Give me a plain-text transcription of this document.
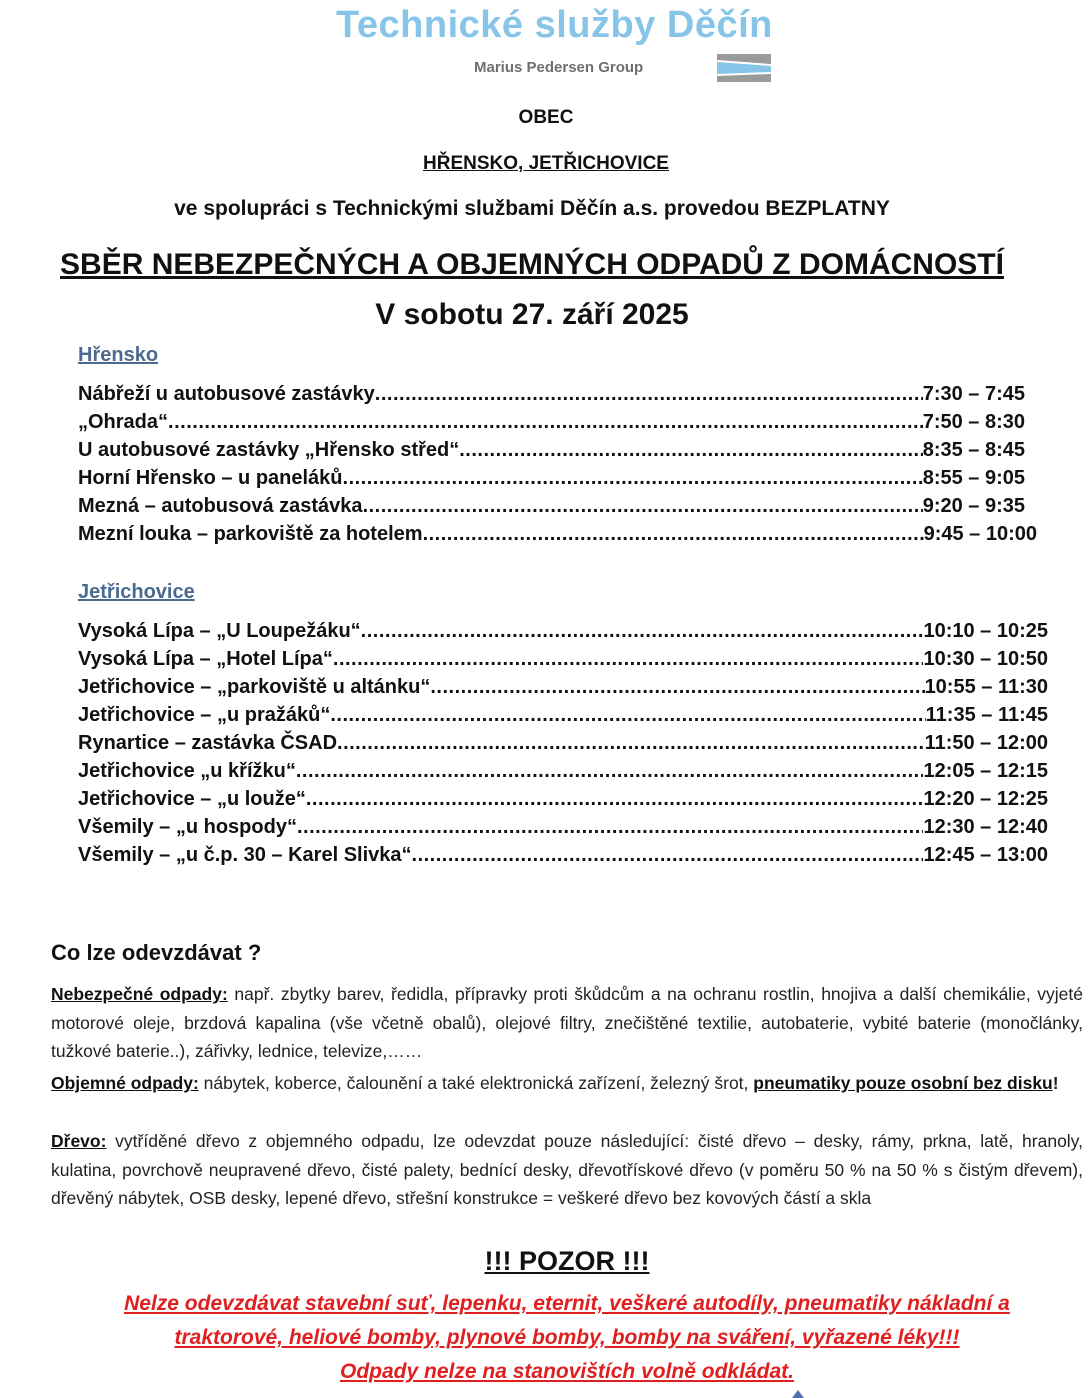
Technické služby Děčín
Marius Pedersen Group
OBEC
HŘENSKO, JETŘICHOVICE
ve spolupráci s Technickými službami Děčín a.s. provedou BEZPLATNY
SBĚR NEBEZPEČNÝCH A OBJEMNÝCH ODPADŮ Z DOMÁCNOSTÍ
V sobotu 27. září 2025
Hřensko
Nábřeží u autobusové zastávky .....	7:30 – 7:45
„Ohrada“ .....	7:50 – 8:30
U autobusové zastávky „Hřensko střed“ .....	8:35 – 8:45
Horní Hřensko – u paneláků .....	8:55 – 9:05
Mezná – autobusová zastávka .....	9:20 – 9:35
Mezní louka – parkoviště za hotelem .....	9:45 – 10:00
Jetřichovice
Vysoká Lípa – „U Loupežáku“ .....	10:10 – 10:25
Vysoká Lípa – „Hotel Lípa“ .....	10:30 – 10:50
Jetřichovice – „parkoviště u altánku“ .....	10:55 – 11:30
Jetřichovice – „u pražáků“ .....	11:35 – 11:45
Rynartice – zastávka ČSAD .....	11:50 – 12:00
Jetřichovice „u křížku“ .....	12:05 – 12:15
Jetřichovice – „u louže“ .....	12:20 – 12:25
Všemily – „u hospody“ .....	12:30 – 12:40
Všemily – „u č.p. 30 – Karel Slivka“ .....	12:45 – 13:00
Co lze odevzdávat ?
Nebezpečné odpady: např. zbytky barev, ředidla, přípravky proti škůdcům a na ochranu rostlin, hnojiva a další chemikálie, vyjeté motorové oleje, brzdová kapalina (vše včetně obalů), olejové filtry, znečištěné textilie, autobaterie, vybité baterie (monočlánky, tužkové baterie..), zářivky, lednice, televize,……
Objemné odpady: nábytek, koberce, čalounění a také elektronická zařízení, železný šrot, pneumatiky pouze osobní bez disku!
Dřevo: vytříděné dřevo z objemného odpadu, lze odevzdat pouze následující: čisté dřevo – desky, rámy, prkna, latě, hranoly, kulatina, povrchově neupravené dřevo, čisté palety, bednící desky, dřevotřískové dřevo (v poměru 50 % na 50 % s čistým dřevem), dřevěný nábytek, OSB desky, lepené dřevo, střešní konstrukce = veškeré dřevo bez kovových částí a skla
!!! POZOR !!!
Nelze odevzdávat stavební suť, lepenku, eternit, veškeré autodíly, pneumatiky nákladní a
traktorové, heliové bomby, plynové bomby, bomby na sváření, vyřazené léky!!!
Odpady nelze na stanovištích volně odkládat.
